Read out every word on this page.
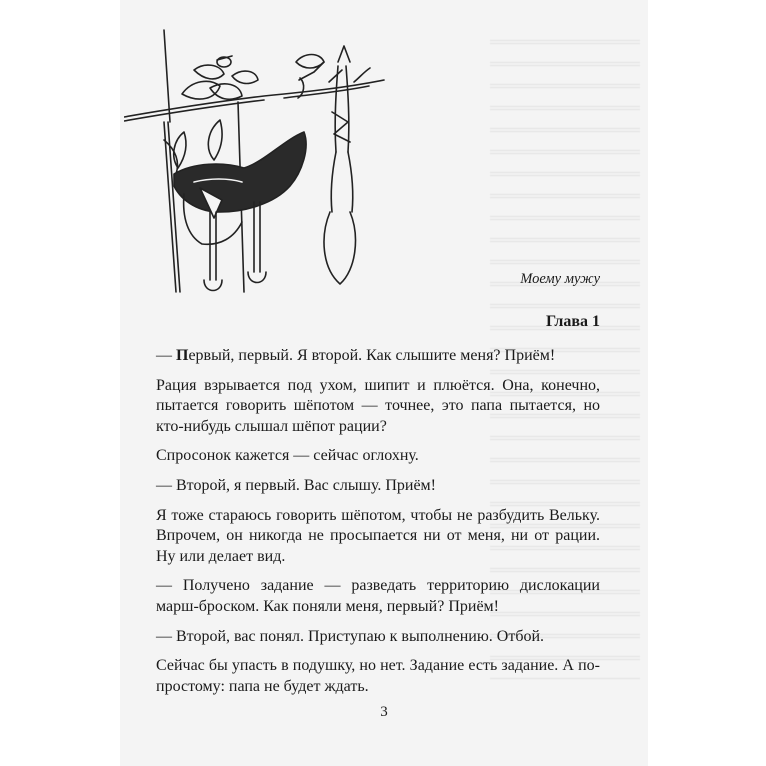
Моему мужу
Глава 1

— Первый, первый. Я второй. Как слышите меня? Приём!

Рация взрывается под ухом, шипит и плюётся. Она, конечно, пытается говорить шёпотом — точнее, это папа пытается, но кто-нибудь слышал шёпот рации?

Спросонок кажется — сейчас оглохну.

— Второй, я первый. Вас слышу. Приём!

Я тоже стараюсь говорить шёпотом, чтобы не разбудить Вельку. Впрочем, он никогда не просыпается ни от меня, ни от рации. Ну или делает вид.

— Получено задание — разведать территорию дислокации марш-броском. Как поняли меня, первый? Приём!

— Второй, вас понял. Приступаю к выполнению. Отбой.

Сейчас бы упасть в подушку, но нет. Задание есть задание. А по-простому: папа не будет ждать.

3
